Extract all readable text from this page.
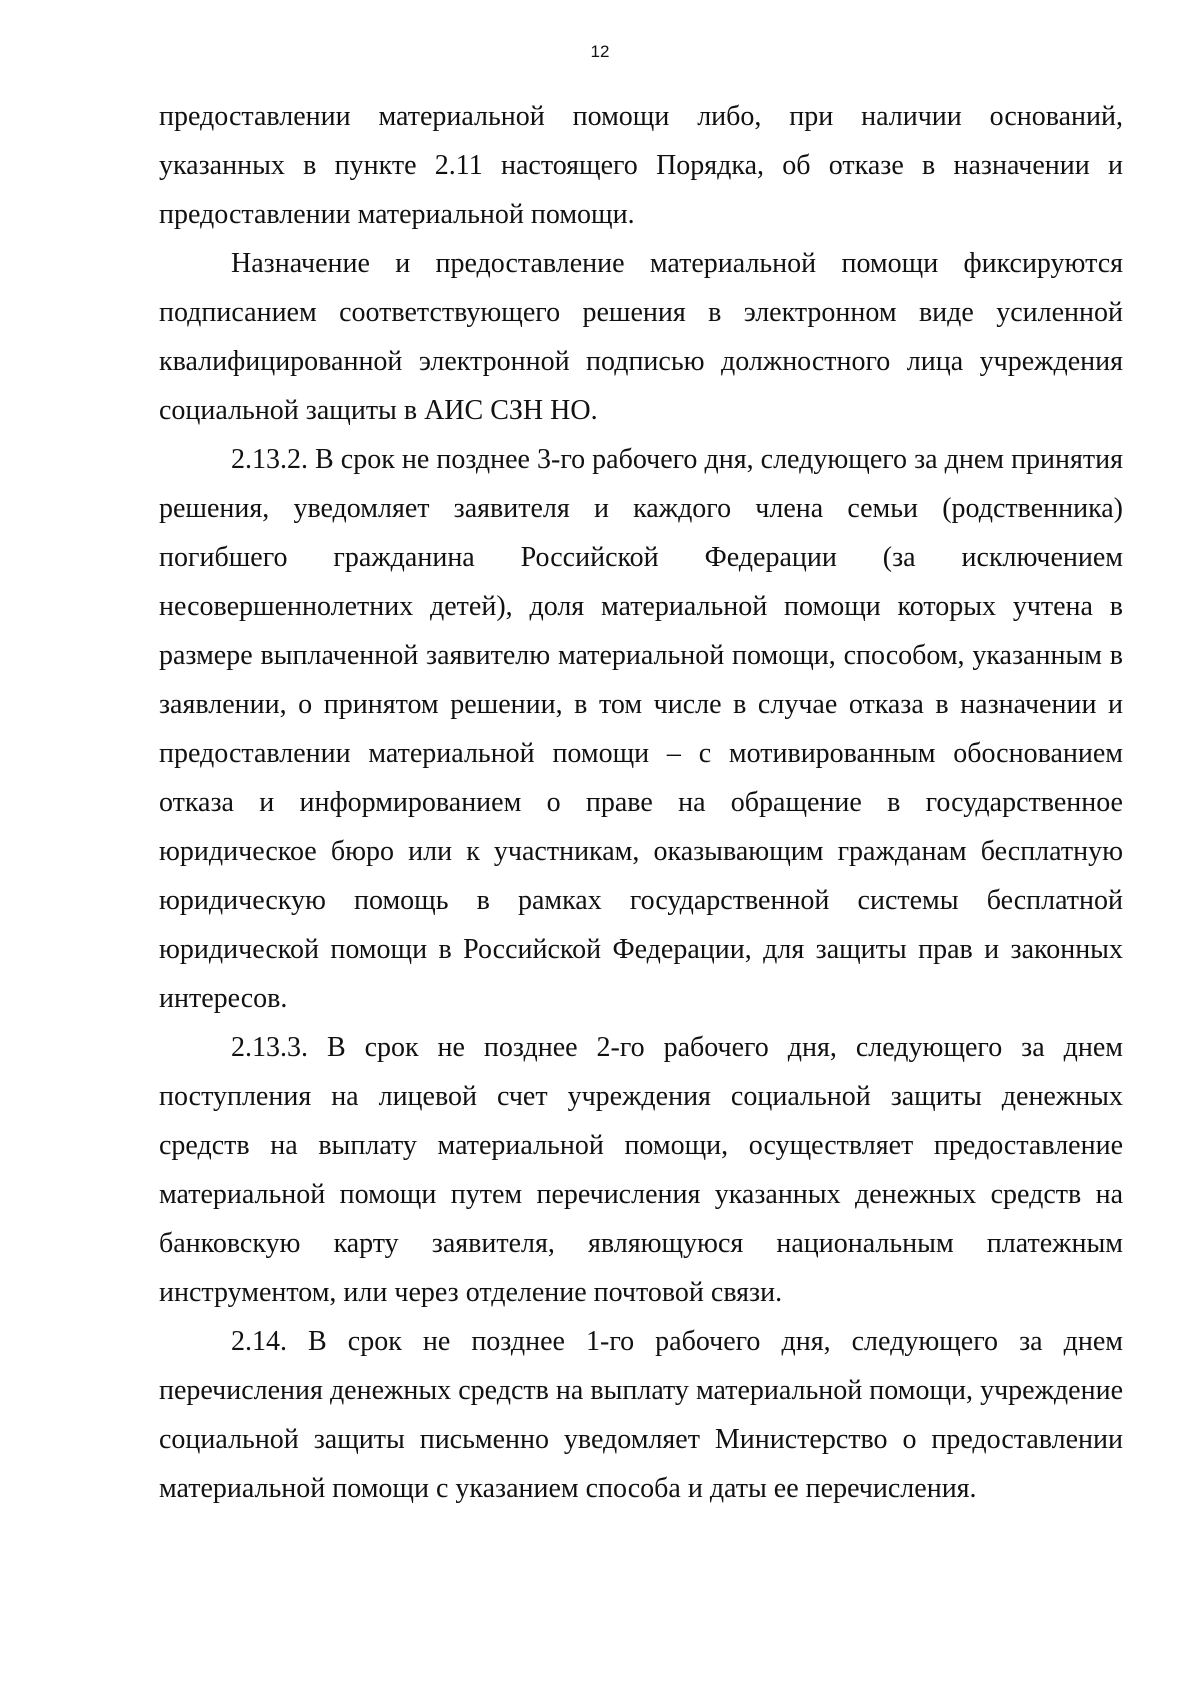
12

предоставлении материальной помощи либо, при наличии оснований, указанных в пункте 2.11 настоящего Порядка, об отказе в назначении и предоставлении материальной помощи.

Назначение и предоставление материальной помощи фиксируются подписанием соответствующего решения в электронном виде усиленной квалифицированной электронной подписью должностного лица учреждения социальной защиты в АИС СЗН НО.

2.13.2. В срок не позднее 3-го рабочего дня, следующего за днем принятия решения, уведомляет заявителя и каждого члена семьи (родственника) погибшего гражданина Российской Федерации (за исключением несовершеннолетних детей), доля материальной помощи которых учтена в размере выплаченной заявителю материальной помощи, способом, указанным в заявлении, о принятом решении, в том числе в случае отказа в назначении и предоставлении материальной помощи – с мотивированным обоснованием отказа и информированием о праве на обращение в государственное юридическое бюро или к участникам, оказывающим гражданам бесплатную юридическую помощь в рамках государственной системы бесплатной юридической помощи в Российской Федерации, для защиты прав и законных интересов.

2.13.3. В срок не позднее 2-го рабочего дня, следующего за днем поступления на лицевой счет учреждения социальной защиты денежных средств на выплату материальной помощи, осуществляет предоставление материальной помощи путем перечисления указанных денежных средств на банковскую карту заявителя, являющуюся национальным платежным инструментом, или через отделение почтовой связи.

2.14. В срок не позднее 1-го рабочего дня, следующего за днем перечисления денежных средств на выплату материальной помощи, учреждение социальной защиты письменно уведомляет Министерство о предоставлении материальной помощи с указанием способа и даты ее перечисления.
